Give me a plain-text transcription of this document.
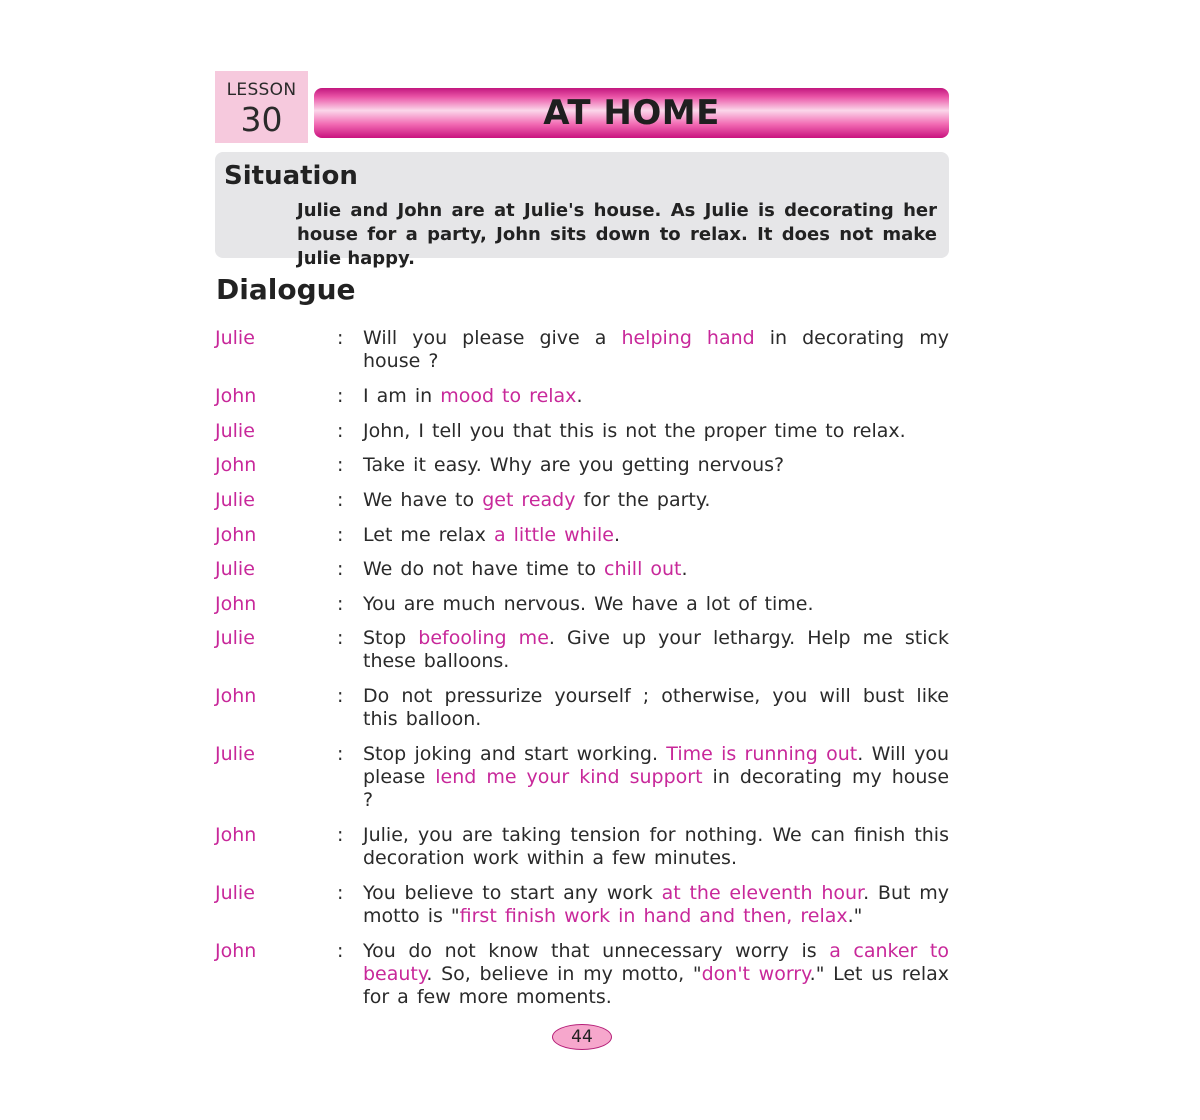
LESSON
30	AT HOME
Situation

Julie and John are at Julie's house. As Julie is decorating her house for a party, John sits down to relax. It does not make Julie happy.

Dialogue
Julie	: Will you please give a helping hand in decorating my house ?
John	: I am in mood to relax.
Julie	: John, I tell you that this is not the proper time to relax.
John	: Take it easy. Why are you getting nervous?
Julie	: We have to get ready for the party.
John	: Let me relax a little while.
Julie	: We do not have time to chill out.
John	: You are much nervous. We have a lot of time.
Julie	: Stop befooling me. Give up your lethargy. Help me stick these balloons.
John	: Do not pressurize yourself ; otherwise, you will bust like this balloon.
Julie	: Stop joking and start working. Time is running out. Will you please lend me your kind support in decorating my house ?
John	: Julie, you are taking tension for nothing. We can finish this decoration work within a few minutes.
Julie	: You believe to start any work at the eleventh hour. But my motto is "first finish work in hand and then, relax."
John	: You do not know that unnecessary worry is a canker to beauty. So, believe in my motto, "don't worry." Let us relax for a few more moments.
44
